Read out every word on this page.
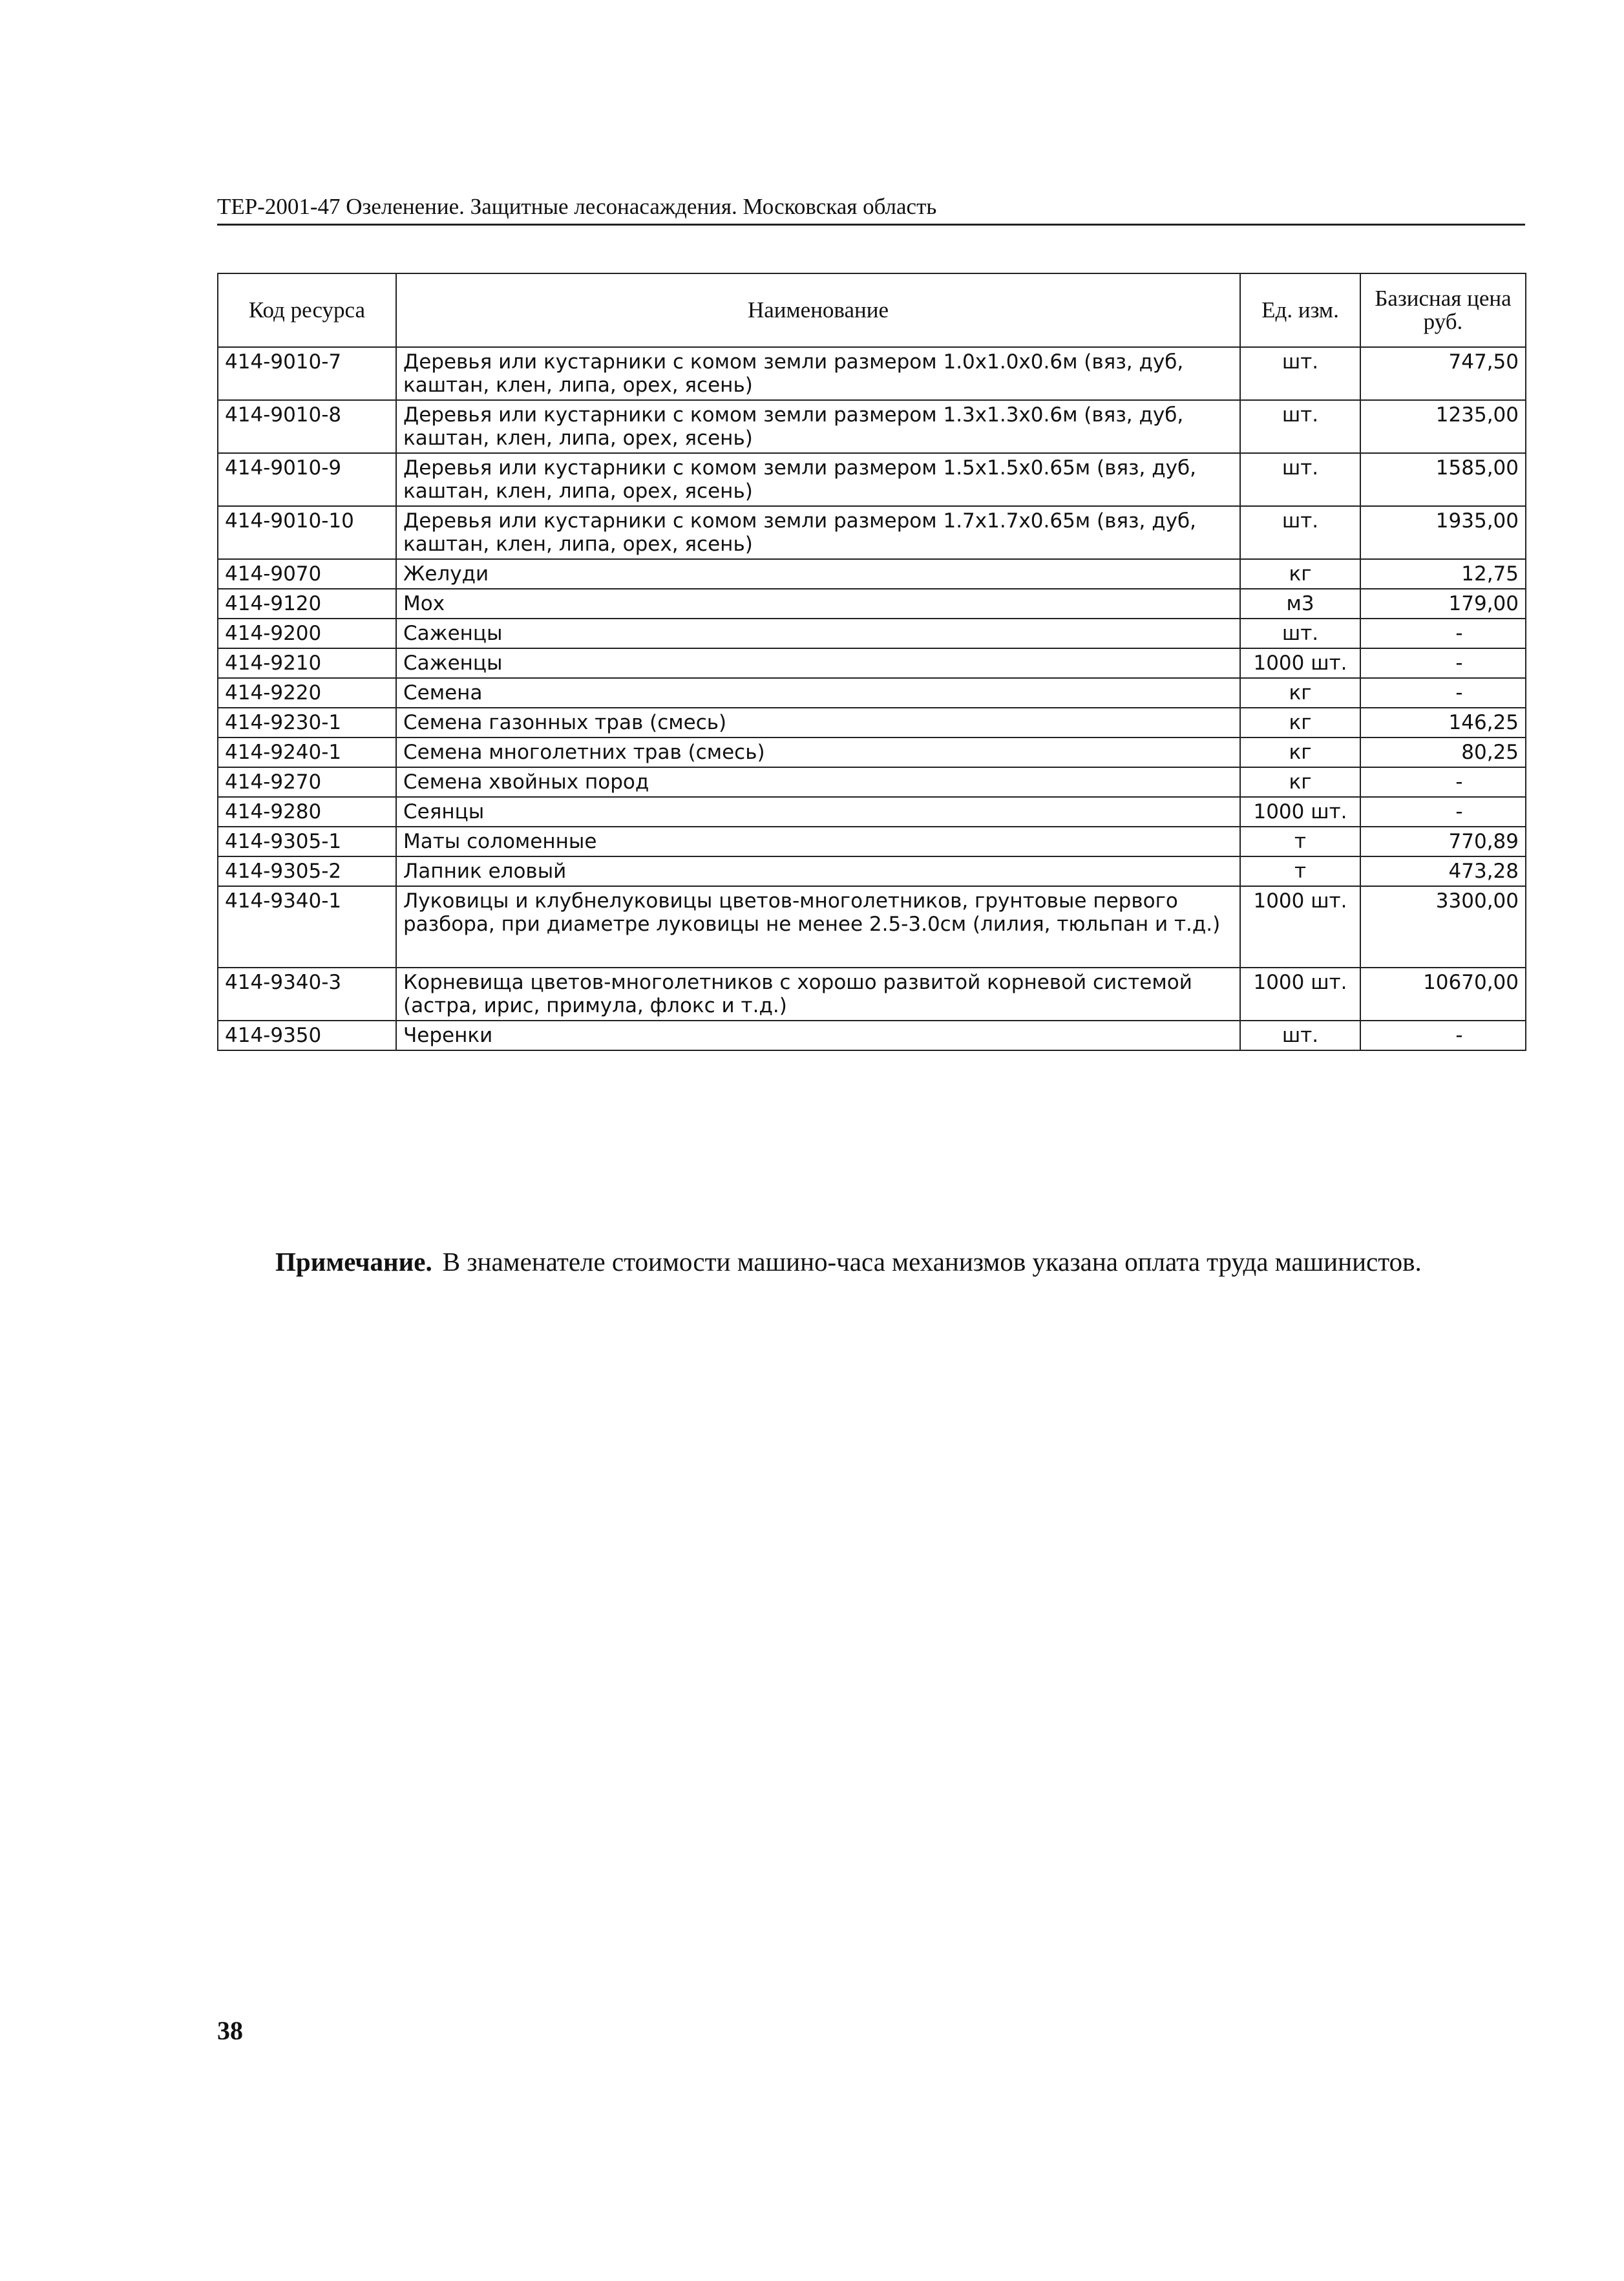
ТЕР-2001-47 Озеленение. Защитные лесонасаждения. Московская область
Код ресурса	Наименование	Ед. изм.	Базисная цена руб.
414-9010-7	Деревья или кустарники с комом земли размером 1.0x1.0x0.6м (вяз, дуб, каштан, клен, липа, орех, ясень)	шт.	747,50
414-9010-8	Деревья или кустарники с комом земли размером 1.3x1.3x0.6м (вяз, дуб, каштан, клен, липа, орех, ясень)	шт.	1235,00
414-9010-9	Деревья или кустарники с комом земли размером 1.5x1.5x0.65м (вяз, дуб, каштан, клен, липа, орех, ясень)	шт.	1585,00
414-9010-10	Деревья или кустарники с комом земли размером 1.7x1.7x0.65м (вяз, дуб, каштан, клен, липа, орех, ясень)	шт.	1935,00
414-9070	Желуди	кг	12,75
414-9120	Мох	м3	179,00
414-9200	Саженцы	шт.	-
414-9210	Саженцы	1000 шт.	-
414-9220	Семена	кг	-
414-9230-1	Семена газонных трав (смесь)	кг	146,25
414-9240-1	Семена многолетних трав (смесь)	кг	80,25
414-9270	Семена хвойных пород	кг	-
414-9280	Сеянцы	1000 шт.	-
414-9305-1	Маты соломенные	т	770,89
414-9305-2	Лапник еловый	т	473,28
414-9340-1	Луковицы и клубнелуковицы цветов-многолетников, грунтовые первого разбора, при диаметре луковицы не менее 2.5-3.0см (лилия, тюльпан и т.д.)	1000 шт.	3300,00
414-9340-3	Корневища цветов-многолетников с хорошо развитой корневой системой (астра, ирис, примула, флокс и т.д.)	1000 шт.	10670,00
414-9350	Черенки	шт.	-
Примечание. В знаменателе стоимости машино-часа механизмов указана оплата труда машинистов.
38
